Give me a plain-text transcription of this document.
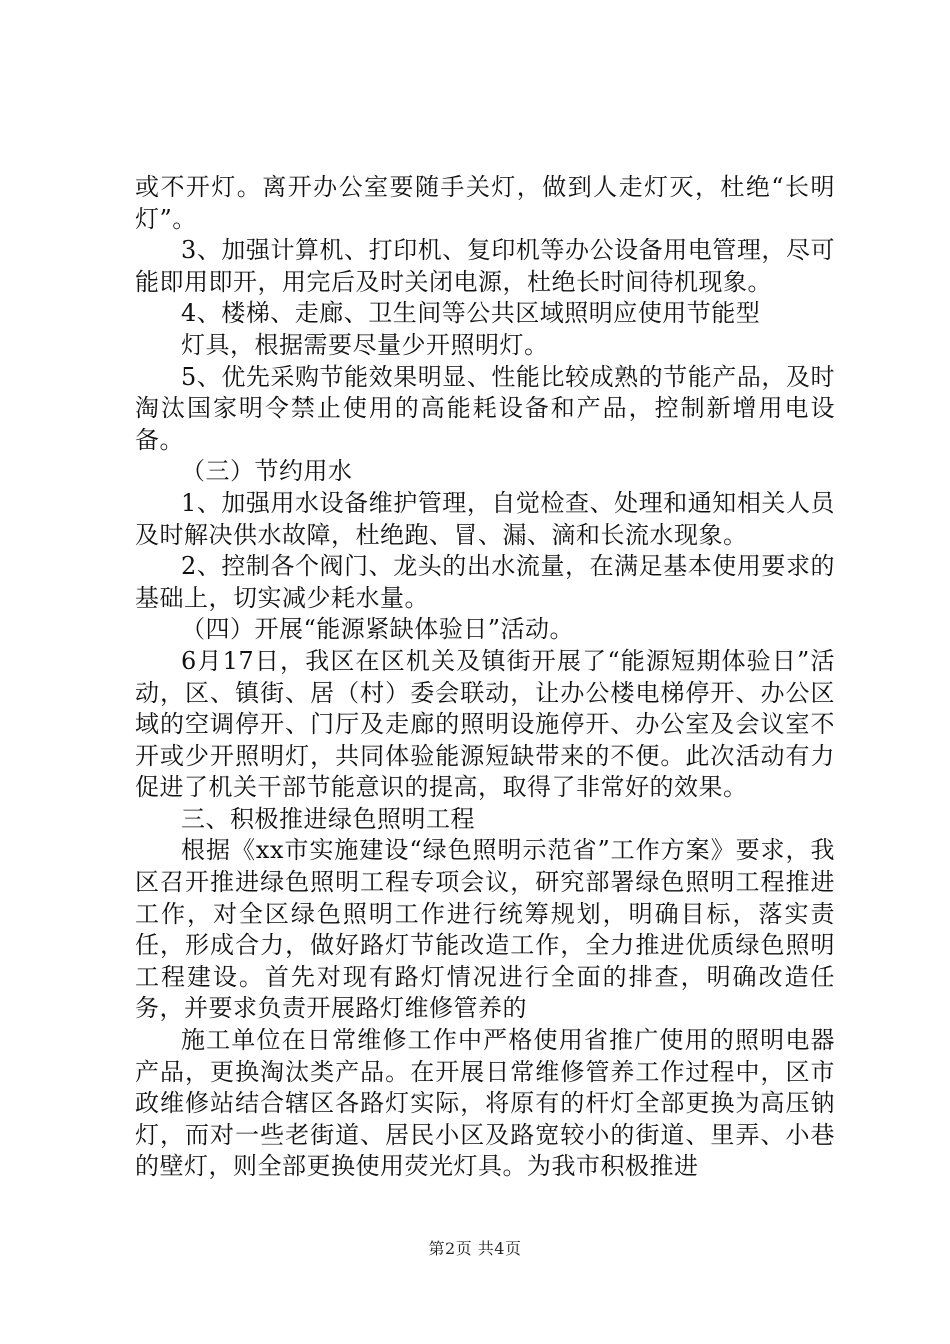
或不开灯。离开办公室要随手关灯，做到人走灯灭，杜绝“长明灯”。

3、加强计算机、打印机、复印机等办公设备用电管理，尽可能即用即开，用完后及时关闭电源，杜绝长时间待机现象。

4、楼梯、走廊、卫生间等公共区域照明应使用节能型

灯具，根据需要尽量少开照明灯。

5、优先采购节能效果明显、性能比较成熟的节能产品，及时淘汰国家明令禁止使用的高能耗设备和产品，控制新增用电设备。

（三）节约用水

1、加强用水设备维护管理，自觉检查、处理和通知相关人员及时解决供水故障，杜绝跑、冒、漏、滴和长流水现象。

2、控制各个阀门、龙头的出水流量，在满足基本使用要求的基础上，切实减少耗水量。

（四）开展“能源紧缺体验日”活动。

6月17日，我区在区机关及镇街开展了“能源短期体验日”活动，区、镇街、居（村）委会联动，让办公楼电梯停开、办公区域的空调停开、门厅及走廊的照明设施停开、办公室及会议室不开或少开照明灯，共同体验能源短缺带来的不便。此次活动有力促进了机关干部节能意识的提高，取得了非常好的效果。

三、积极推进绿色照明工程

根据《xx市实施建设“绿色照明示范省”工作方案》要求，我区召开推进绿色照明工程专项会议，研究部署绿色照明工程推进工作，对全区绿色照明工作进行统筹规划，明确目标，落实责任，形成合力，做好路灯节能改造工作，全力推进优质绿色照明工程建设。首先对现有路灯情况进行全面的排查，明确改造任务，并要求负责开展路灯维修管养的

施工单位在日常维修工作中严格使用省推广使用的照明电器产品，更换淘汰类产品。在开展日常维修管养工作过程中，区市政维修站结合辖区各路灯实际，将原有的杆灯全部更换为高压钠灯，而对一些老街道、居民小区及路宽较小的街道、里弄、小巷的壁灯，则全部更换使用荧光灯具。为我市积极推进

第2页 共4页
